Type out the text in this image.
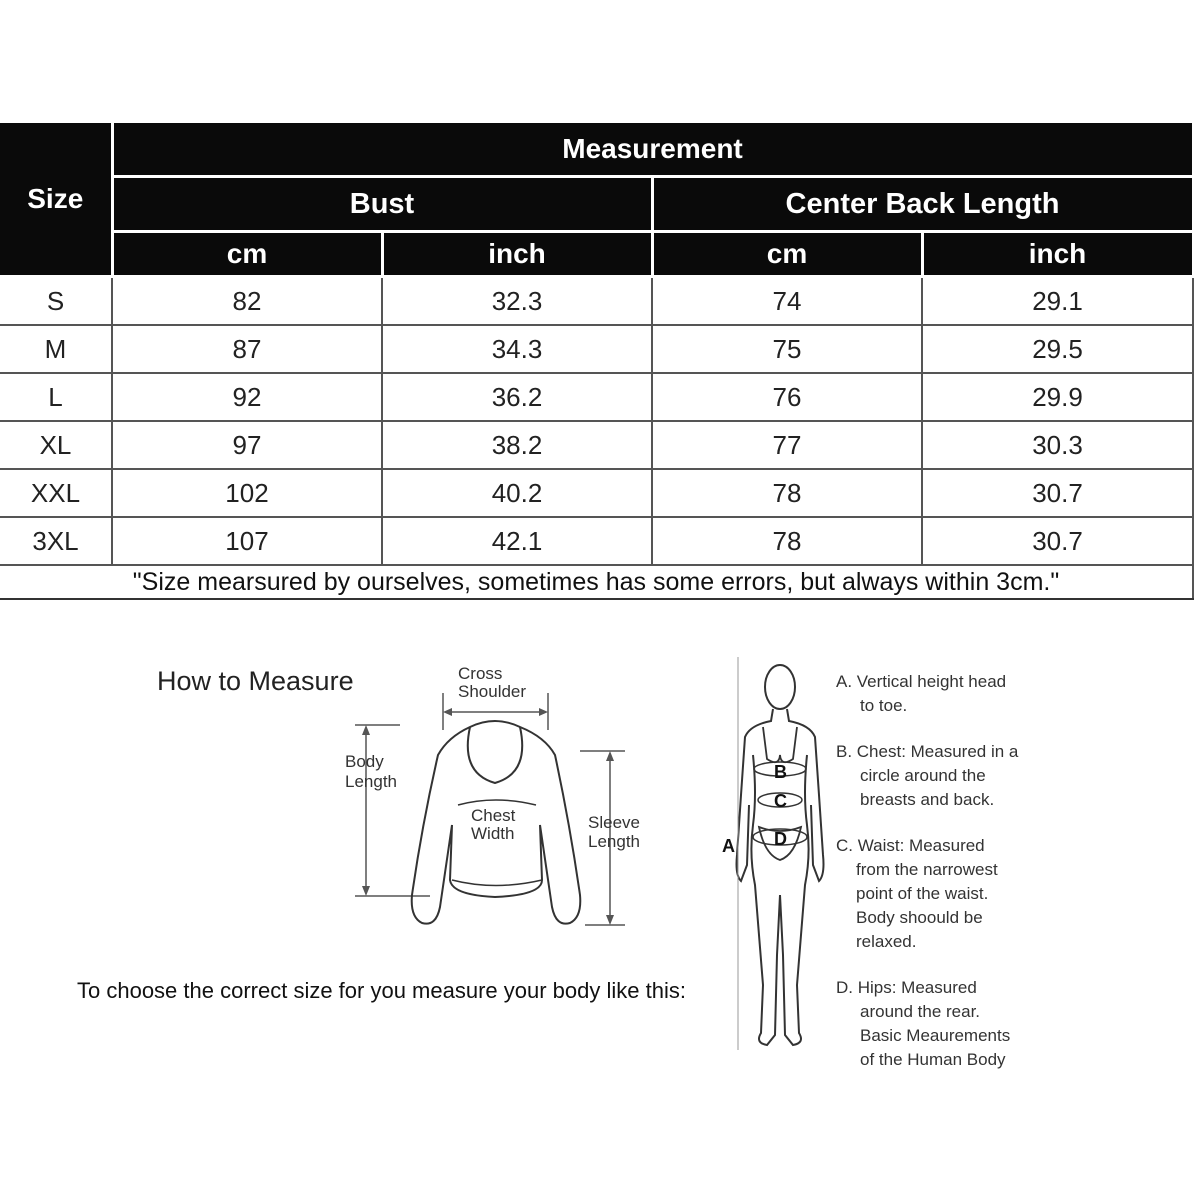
Size	Measurement			
	Bust		Center Back Length	
	cm	inch	cm	inch
S	82	32.3	74	29.1
M	87	34.3	75	29.5
L	92	36.2	76	29.9
XL	97	38.2	77	30.3
XXL	102	40.2	78	30.7
3XL	107	42.1	78	30.7
"Size mearsured by ourselves, sometimes has some errors, but always within 3cm."				
How to Measure	Cross
Shoulder
Body
Length
Chest
Width
Sleeve
Length
To choose the correct size for you measure your body like this:
A
B
C
D
A. Vertical height head
to toe.
B. Chest: Measured in a
circle around the
breasts and back.
C. Waist: Measured
from the narrowest
point of the waist.
Body shoould be
relaxed.
D. Hips: Measured
around the rear.
Basic Meaurements
of the Human Body
